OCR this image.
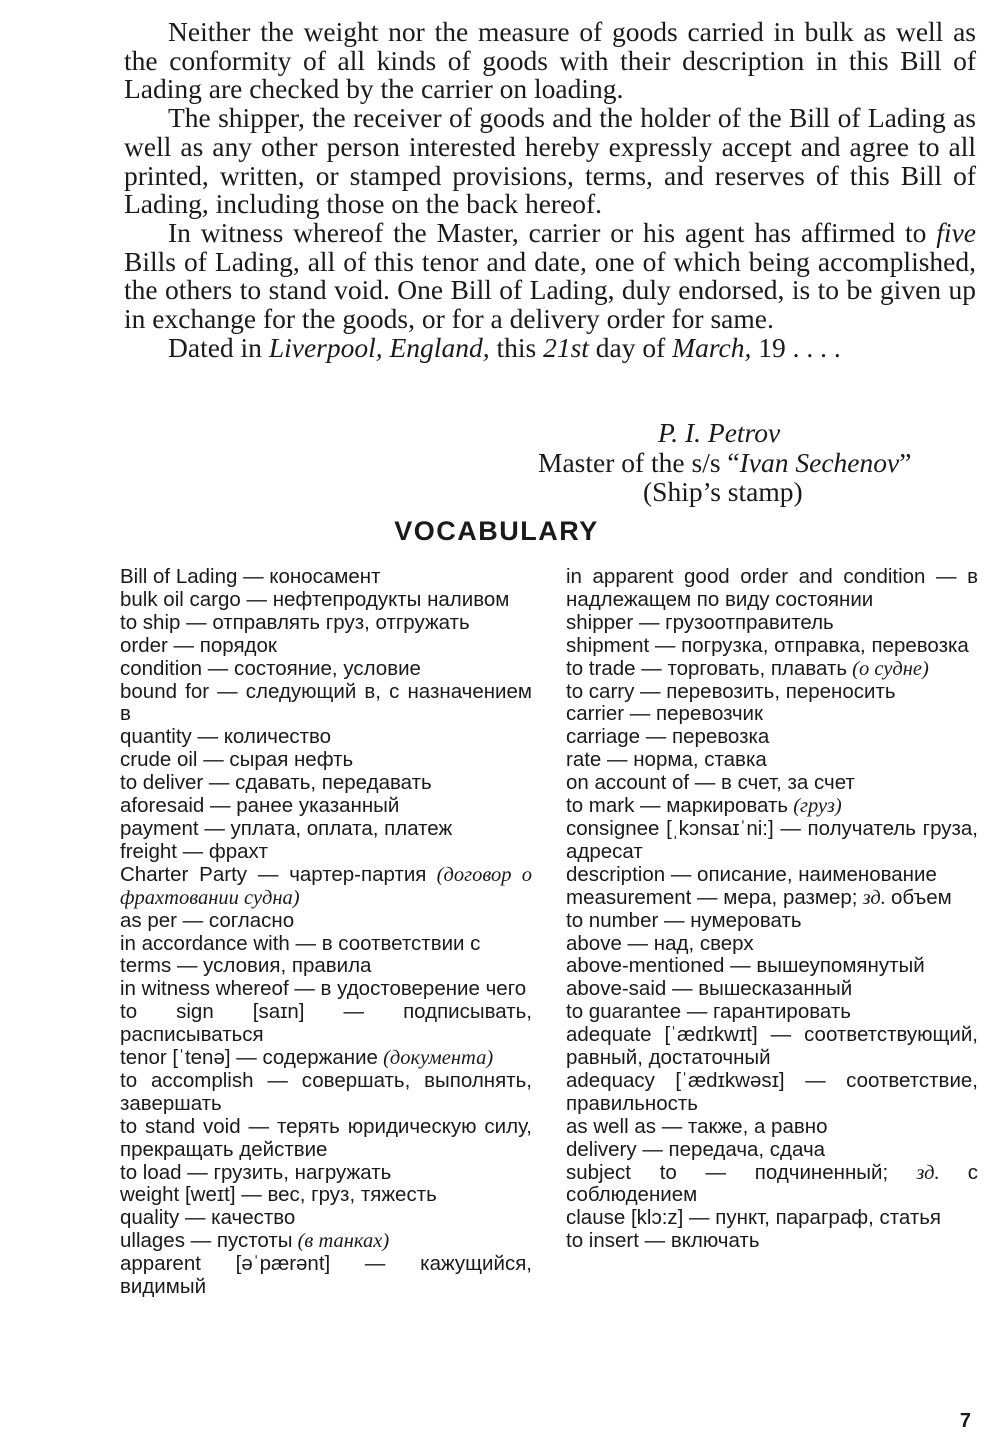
Neither the weight nor the measure of goods carried in bulk as well as the conformity of all kinds of goods with their description in this Bill of Lading are checked by the carrier on loading.

The shipper, the receiver of goods and the holder of the Bill of Lading as well as any other person interested hereby expressly accept and agree to all printed, written, or stamped provisions, terms, and reserves of this Bill of Lading, including those on the back hereof.

In witness whereof the Master, carrier or his agent has affirmed to five Bills of Lading, all of this tenor and date, one of which being accomplished, the others to stand void. One Bill of Lading, duly endorsed, is to be given up in exchange for the goods, or for a delivery order for same.

Dated in Liverpool, England, this 21st day of March, 19 . . . .

P. I. Petrov
Master of the s/s “Ivan Sechenov”
(Ship’s stamp)
VOCABULARY
Bill of Lading — коносамент
bulk oil cargo — нефтепродукты наливом
to ship — отправлять груз, отгружать
order — порядок
condition — состояние, условие
bound for — следующий в, с назначением в
quantity — количество
crude oil — сырая нефть
to deliver — сдавать, передавать
aforesaid — ранее указанный
payment — уплата, оплата, платеж
freight — фрахт
Charter Party — чартер-партия (договор о фрахтовании судна)
as per — согласно
in accordance with — в соответствии с
terms — условия, правила
in witness whereof — в удостоверение чего
to sign [saɪn] — подписывать, расписываться
tenor [ˈtenə] — содержание (документа)
to accomplish — совершать, выполнять, завершать
to stand void — терять юридическую силу, прекращать действие
to load — грузить, нагружать
weight [weɪt] — вес, груз, тяжесть
quality — качество
ullages — пустоты (в танках)
apparent [əˈpærənt] — кажущийся, видимый
in apparent good order and condition — в надлежащем по виду состоянии
shipper — грузоотправитель
shipment — погрузка, отправка, перевозка
to trade — торговать, плавать (о судне)
to carry — перевозить, переносить
carrier — перевозчик
carriage — перевозка
rate — норма, ставка
on account of — в счет, за счет
to mark — маркировать (груз)
consignee [ˌkɔnsaɪˈni:] — получатель груза, адресат
description — описание, наименование
measurement — мера, размер; зд. объем
to number — нумеровать
above — над, сверх
above-mentioned — вышеупомянутый
above-said — вышесказанный
to guarantee — гарантировать
adequate [ˈædɪkwɪt] — соответствующий, равный, достаточный
adequacy [ˈædɪkwəsɪ] — соответствие, правильность
as well as — также, а равно
delivery — передача, сдача
subject to — подчиненный; зд. с соблюдением
clause [klɔ:z] — пункт, параграф, статья
to insert — включать
7
